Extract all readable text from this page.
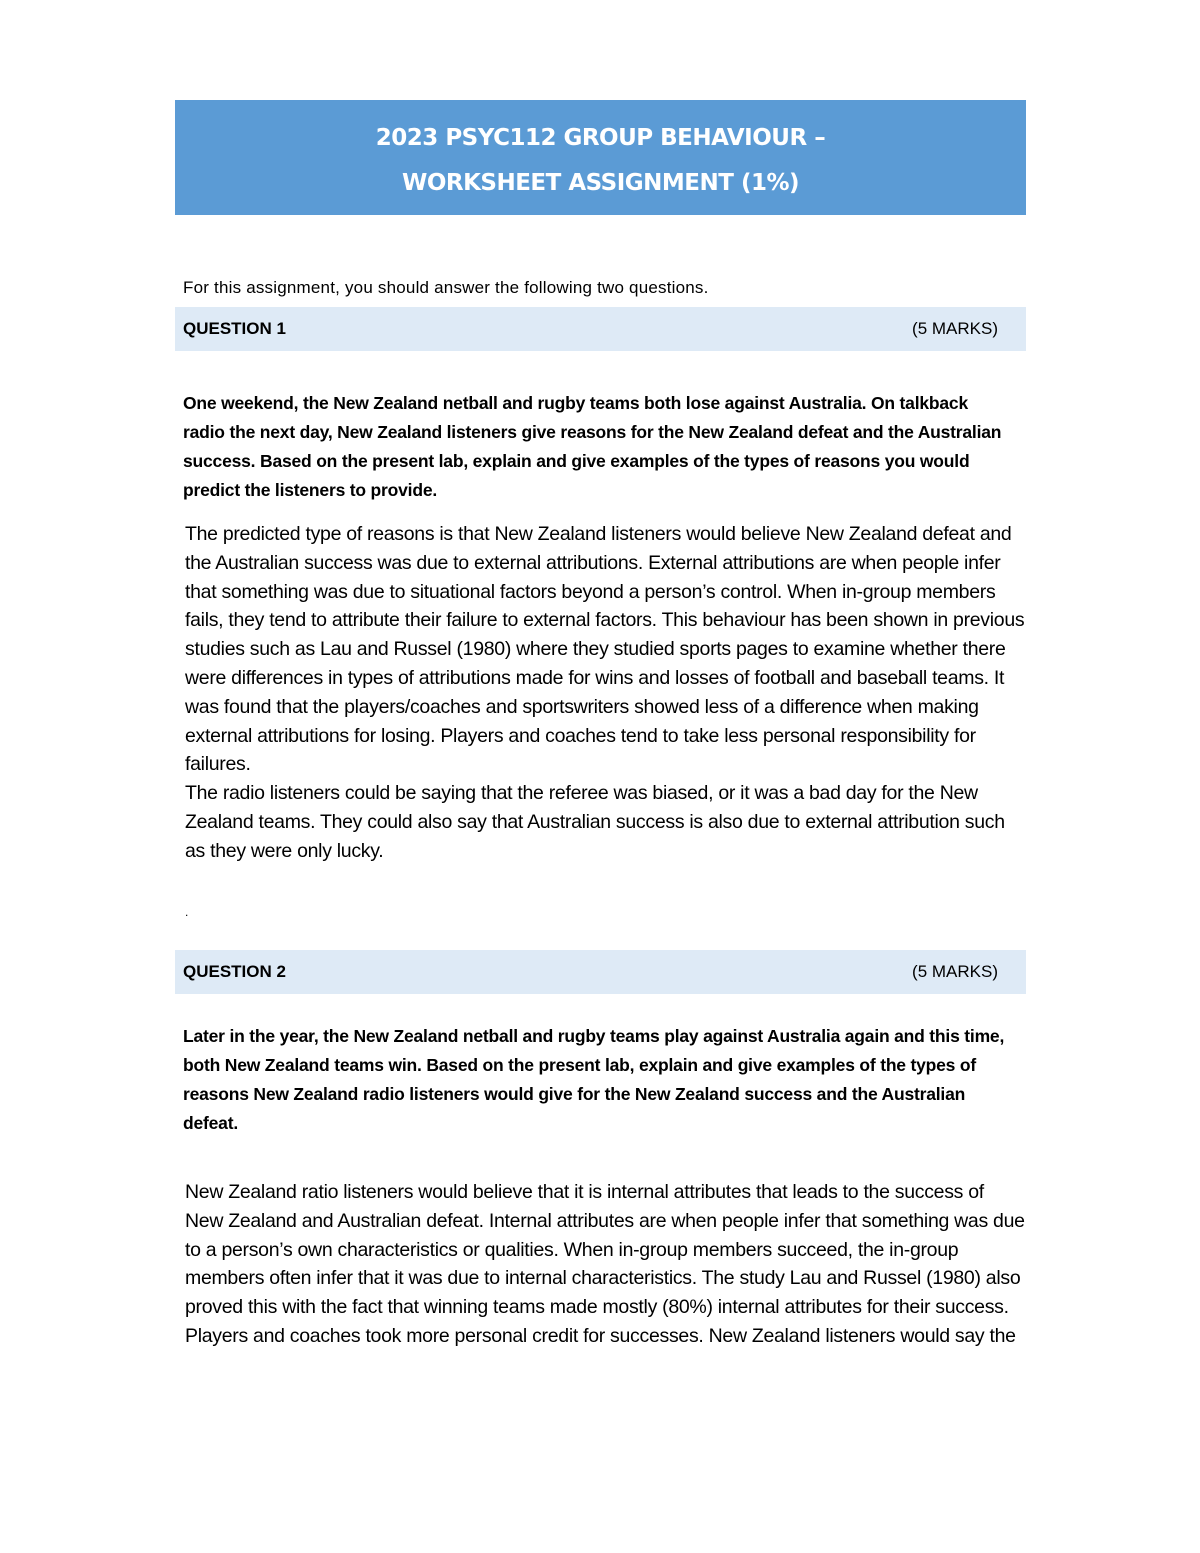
2023 PSYC112 GROUP BEHAVIOUR –
WORKSHEET ASSIGNMENT (1%)
For this assignment, you should answer the following two questions.
QUESTION 1	(5 MARKS)
One weekend, the New Zealand netball and rugby teams both lose against Australia. On talkback radio the next day, New Zealand listeners give reasons for the New Zealand defeat and the Australian success. Based on the present lab, explain and give examples of the types of reasons you would predict the listeners to provide.
The predicted type of reasons is that New Zealand listeners would believe New Zealand defeat and the Australian success was due to external attributions. External attributions are when people infer that something was due to situational factors beyond a person’s control. When in-group members fails, they tend to attribute their failure to external factors. This behaviour has been shown in previous studies such as Lau and Russel (1980) where they studied sports pages to examine whether there were differences in types of attributions made for wins and losses of football and baseball teams. It was found that the players/coaches and sportswriters showed less of a difference when making external attributions for losing. Players and coaches tend to take less personal responsibility for failures.
The radio listeners could be saying that the referee was biased, or it was a bad day for the New Zealand teams. They could also say that Australian success is also due to external attribution such as they were only lucky.
.
QUESTION 2	(5 MARKS)
Later in the year, the New Zealand netball and rugby teams play against Australia again and this time, both New Zealand teams win. Based on the present lab, explain and give examples of the types of reasons New Zealand radio listeners would give for the New Zealand success and the Australian defeat.
New Zealand ratio listeners would believe that it is internal attributes that leads to the success of New Zealand and Australian defeat. Internal attributes are when people infer that something was due to a person’s own characteristics or qualities. When in-group members succeed, the in-group members often infer that it was due to internal characteristics. The study Lau and Russel (1980) also proved this with the fact that winning teams made mostly (80%) internal attributes for their success. Players and coaches took more personal credit for successes. New Zealand listeners would say the
